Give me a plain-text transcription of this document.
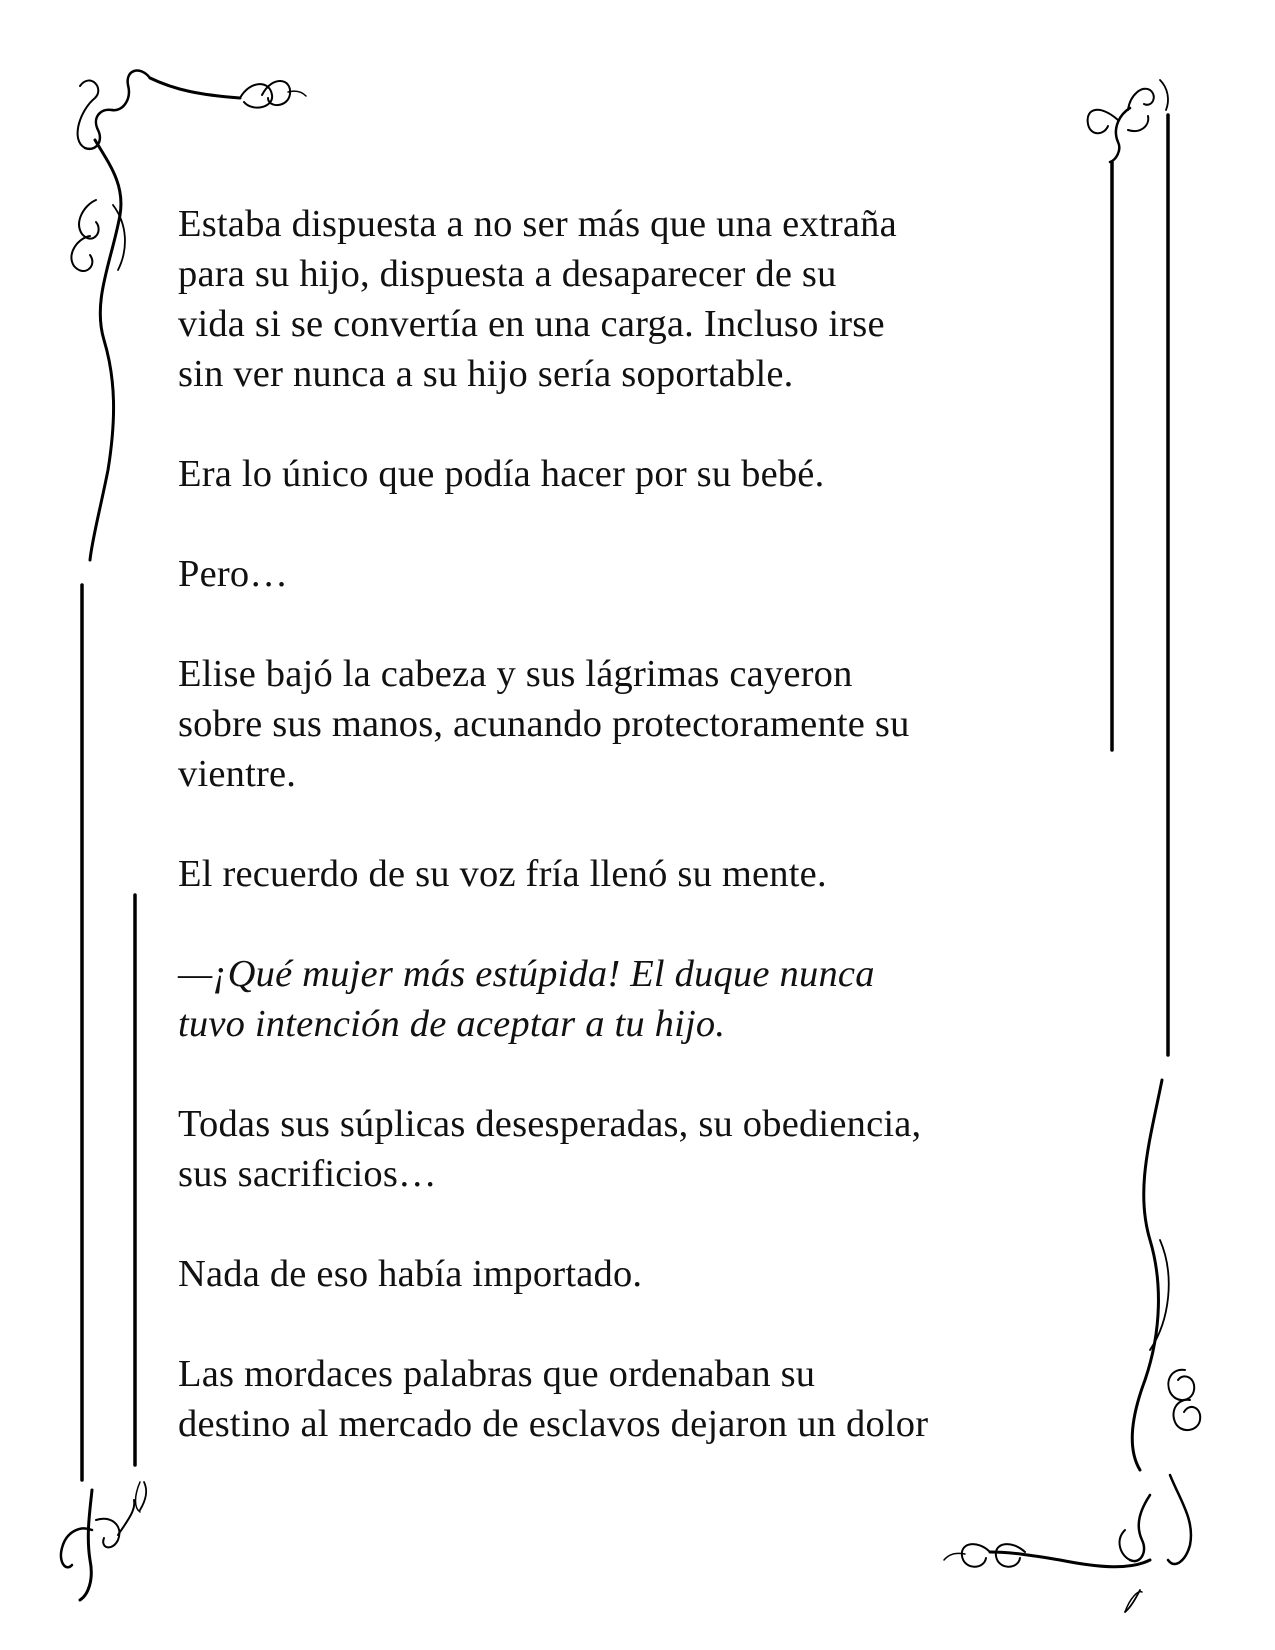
Estaba dispuesta a no ser más que una extraña
para su hijo, dispuesta a desaparecer de su
vida si se convertía en una carga. Incluso irse
sin ver nunca a su hijo sería soportable.

Era lo único que podía hacer por su bebé.

Pero…

Elise bajó la cabeza y sus lágrimas cayeron
sobre sus manos, acunando protectoramente su
vientre.

El recuerdo de su voz fría llenó su mente.

—¡Qué mujer más estúpida! El duque nunca
tuvo intención de aceptar a tu hijo.

Todas sus súplicas desesperadas, su obediencia,
sus sacrificios…

Nada de eso había importado.

Las mordaces palabras que ordenaban su
destino al mercado de esclavos dejaron un dolor
